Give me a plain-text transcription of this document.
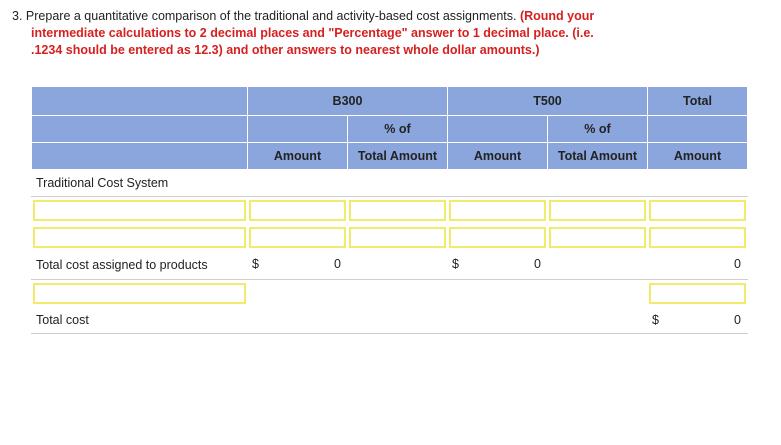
3. Prepare a quantitative comparison of the traditional and activity-based cost assignments. (Round your
intermediate calculations to 2 decimal places and "Percentage" answer to 1 decimal place. (i.e.
.1234 should be entered as 12.3) and other answers to nearest whole dollar amounts.)
	B300		T500		Total
		% of		% of	
	Amount	Total Amount	Amount	Total Amount	Amount
Traditional Cost System					

Total cost assigned to products	$ 0		$ 0		0

Total cost					$ 0
